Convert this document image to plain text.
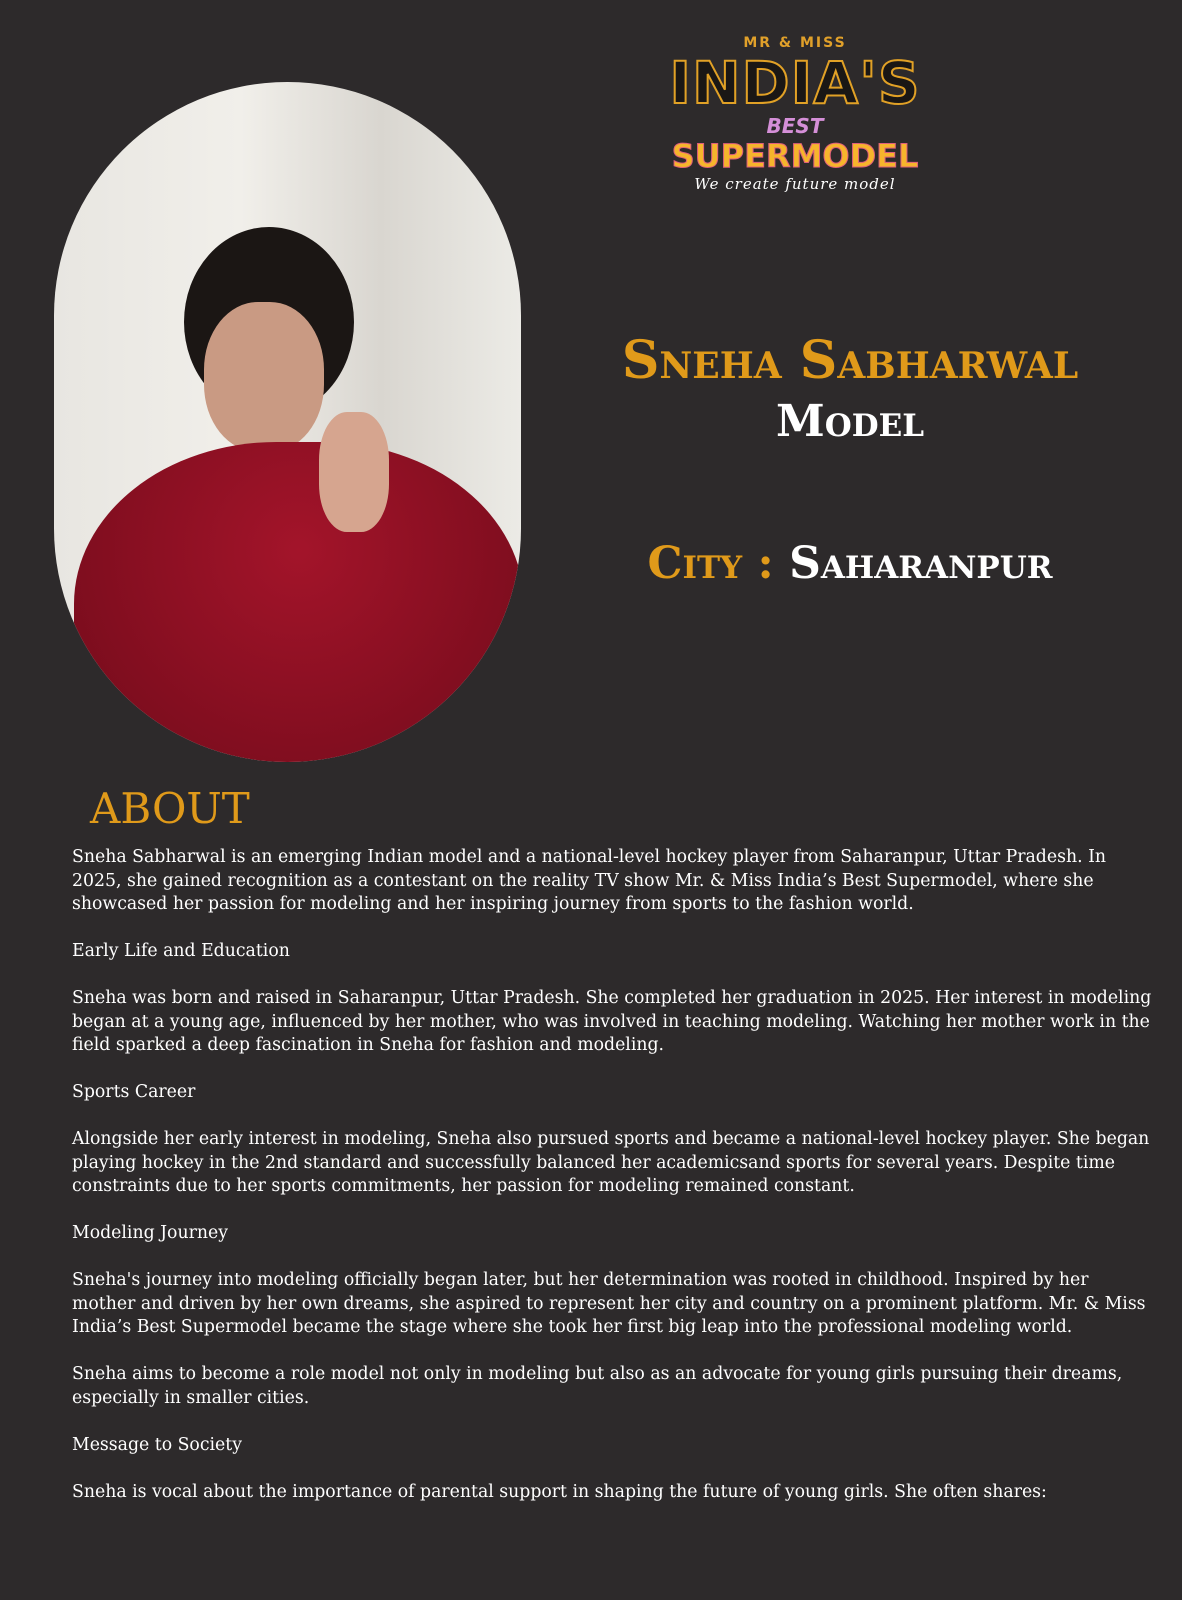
MR & MISS
INDIA'S
BEST
SUPERMODEL
We create future model
Sneha Sabharwal
Model
City : Saharanpur
ABOUT

Sneha Sabharwal is an emerging Indian model and a national-level hockey player from Saharanpur, Uttar Pradesh. In 2025, she gained recognition as a contestant on the reality TV show Mr. & Miss India’s Best Supermodel, where she showcased her passion for modeling and her inspiring journey from sports to the fashion world.

Early Life and Education

Sneha was born and raised in Saharanpur, Uttar Pradesh. She completed her graduation in 2025. Her interest in modeling began at a young age, influenced by her mother, who was involved in teaching modeling. Watching her mother work in the field sparked a deep fascination in Sneha for fashion and modeling.

Sports Career

Alongside her early interest in modeling, Sneha also pursued sports and became a national-level hockey player. She began playing hockey in the 2nd standard and successfully balanced her academicsand sports for several years. Despite time constraints due to her sports commitments, her passion for modeling remained constant.

Modeling Journey

Sneha's journey into modeling officially began later, but her determination was rooted in childhood. Inspired by her mother and driven by her own dreams, she aspired to represent her city and country on a prominent platform. Mr. & Miss India’s Best Supermodel became the stage where she took her first big leap into the professional modeling world.

Sneha aims to become a role model not only in modeling but also as an advocate for young girls pursuing their dreams, especially in smaller cities.

Message to Society

Sneha is vocal about the importance of parental support in shaping the future of young girls. She often shares:
